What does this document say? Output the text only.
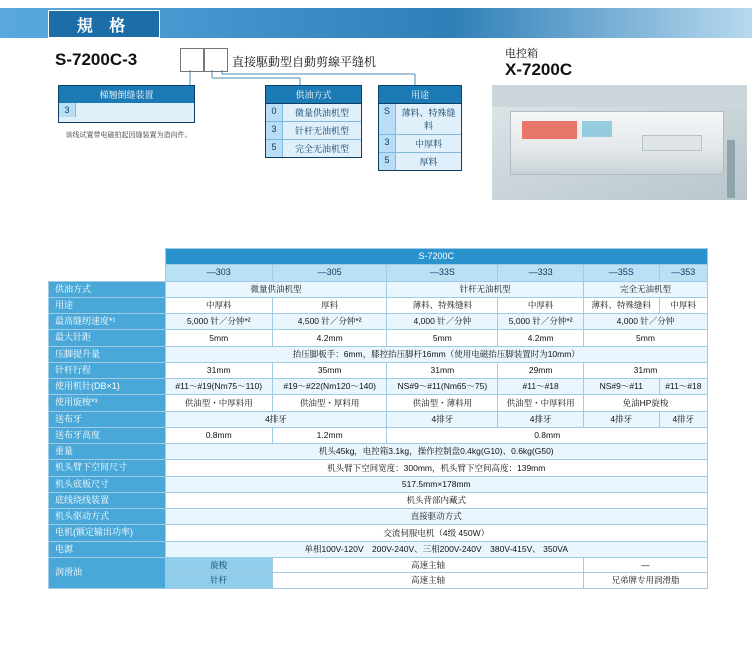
規 格
S-7200C-3	直接駆動型自動剪線平缝机
梯翘倒缝装置
3
该线试置带电磁拍起因缝装置为造向件。
供油方式
0	微量供油机型
3	针杆无油机型
5	完全无油机型
用途
S	薄料、特殊缝料
3	中厚料
5	厚料
电控箱
X-7200C
	S-7200C					
	—303	—305	—33S	—333	—35S	—353
供油方式	微量供油机型		针杆无油机型		完全无油机型	
用途	中厚料	厚料	薄料、特殊缝料	中厚料	薄料、特殊缝料	中厚料
最高缝纫速度*¹	5,000 针／分钟*²	4,500 针／分钟*²	4,000 针／分钟	5,000 针／分钟*²	4,000 针／分钟	
最大针距	5mm	4.2mm	5mm	4.2mm	5mm	
压脚提升量	抬压脚板手：6mm，膝控抬压脚杆16mm（使用电磁抬压脚装置时为10mm）					
针杆行程	31mm	35mm	31mm	29mm	31mm	
使用机针(DB×1)	#11～#19(Nm75～110)	#19～#22(Nm120～140)	NS#9～#11(Nm65～75)	#11～#18	NS#9～#11	#11～#18
使用旋梭*³	供油型・中厚料用	供油型・厚料用	供油型・薄料用	供油型・中厚料用	免油HP旋梭	
送布牙	4排牙		4排牙	4排牙	4排牙	4排牙
送布牙高度	0.8mm	1.2mm	0.8mm			
重量	机头45kg，电控箱3.1kg，操作控制盘0.4kg(G10)、0.6kg(G50)					
机头臂下空间尺寸	机头臂下空间宽度：300mm，机头臂下空间高度：139mm					
机头底板尺寸	517.5mm×178mm					
底线绕线装置	机头背部内藏式					
机头驱动方式	直接驱动方式					
电机(额定输出功率)	交流伺服电机（4级 450W）					
电源	单相100V-120V　200V-240V、三相200V-240V　380V-415V、 350VA					
润滑油	旋梭	高速主轴			—	
	针杆	高速主轴			兄弟牌专用润滑脂	
